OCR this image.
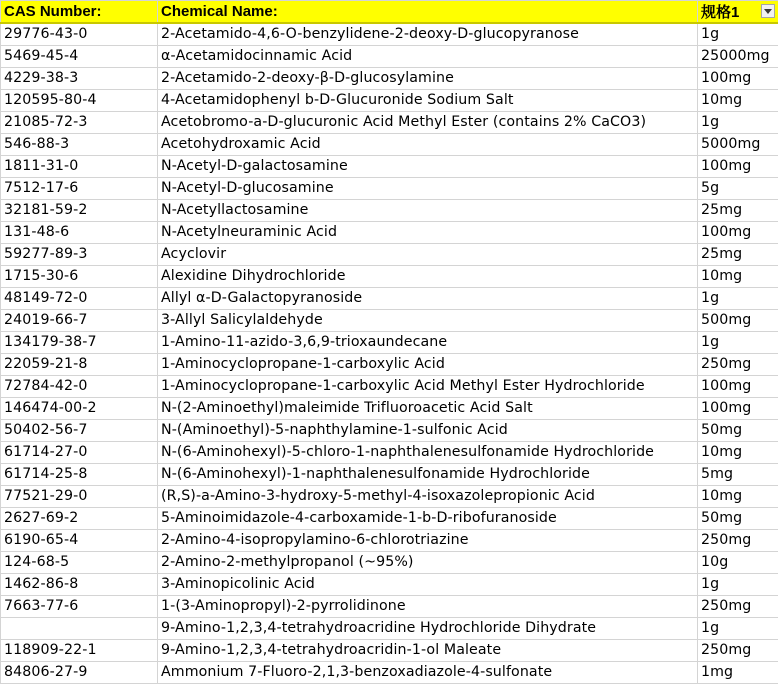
CAS Number:	Chemical Name:	规格1

29776-43-0	2-Acetamido-4,6-O-benzylidene-2-deoxy-D-glucopyranose	1g
5469-45-4	α-Acetamidocinnamic Acid	25000mg
4229-38-3	2-Acetamido-2-deoxy-β-D-glucosylamine	100mg
120595-80-4	4-Acetamidophenyl b-D-Glucuronide Sodium Salt	10mg
21085-72-3	Acetobromo-a-D-glucuronic Acid Methyl Ester (contains 2% CaCO3)	1g
546-88-3	Acetohydroxamic Acid	5000mg
1811-31-0	N-Acetyl-D-galactosamine	100mg
7512-17-6	N-Acetyl-D-glucosamine	5g
32181-59-2	N-Acetyllactosamine	25mg
131-48-6	N-Acetylneuraminic Acid	100mg
59277-89-3	Acyclovir	25mg
1715-30-6	Alexidine Dihydrochloride	10mg
48149-72-0	Allyl α-D-Galactopyranoside	1g
24019-66-7	3-Allyl Salicylaldehyde	500mg
134179-38-7	1-Amino-11-azido-3,6,9-trioxaundecane	1g
22059-21-8	1-Aminocyclopropane-1-carboxylic Acid	250mg
72784-42-0	1-Aminocyclopropane-1-carboxylic Acid Methyl Ester Hydrochloride	100mg
146474-00-2	N-(2-Aminoethyl)maleimide Trifluoroacetic Acid Salt	100mg
50402-56-7	N-(Aminoethyl)-5-naphthylamine-1-sulfonic Acid	50mg
61714-27-0	N-(6-Aminohexyl)-5-chloro-1-naphthalenesulfonamide Hydrochloride	10mg
61714-25-8	N-(6-Aminohexyl)-1-naphthalenesulfonamide Hydrochloride	5mg
77521-29-0	(R,S)-a-Amino-3-hydroxy-5-methyl-4-isoxazolepropionic Acid	10mg
2627-69-2	5-Aminoimidazole-4-carboxamide-1-b-D-ribofuranoside	50mg
6190-65-4	2-Amino-4-isopropylamino-6-chlorotriazine	250mg
124-68-5	2-Amino-2-methylpropanol (~95%)	10g
1462-86-8	3-Aminopicolinic Acid	1g
7663-77-6	1-(3-Aminopropyl)-2-pyrrolidinone	250mg
	9-Amino-1,2,3,4-tetrahydroacridine Hydrochloride Dihydrate	1g
118909-22-1	9-Amino-1,2,3,4-tetrahydroacridin-1-ol Maleate	250mg
84806-27-9	Ammonium 7-Fluoro-2,1,3-benzoxadiazole-4-sulfonate	1mg
